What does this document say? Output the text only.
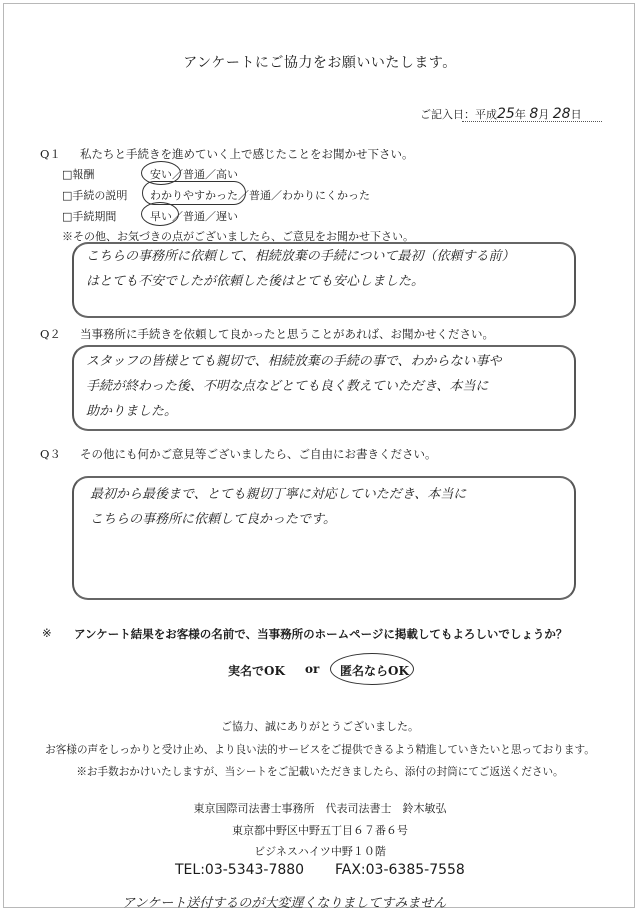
アンケートにご協力をお願いいたします。
ご記入日：平成25年 8月 28日
Q１ 私たちと手続きを進めていく上で感じたことをお聞かせ下さい。
□報酬	安い／普通／高い
□手続の説明 わかりやすかった／普通／わかりにくかった
□手続期間	早い／普通／遅い
※その他、お気づきの点がございましたら、ご意見をお聞かせ下さい。
こちらの事務所に依頼して、相続放棄の手続について最初（依頼する前）
はとても不安でしたが依頼した後はとても安心しました。
Q２ 当事務所に手続きを依頼して良かったと思うことがあれば、お聞かせください。
スタッフの皆様とても親切で、相続放棄の手続の事で、わからない事や
手続が終わった後、不明な点などとても良く教えていただき、本当に
助かりました。
Q３ その他にも何かご意見等ございましたら、ご自由にお書きください。
最初から最後まで、とても親切丁寧に対応していただき、本当に
こちらの事務所に依頼して良かったです。
※ アンケート結果をお客様の名前で、当事務所のホームページに掲載してもよろしいでしょうか？
実名でOK or 匿名ならOK
ご協力、誠にありがとうございました。
お客様の声をしっかりと受け止め、より良い法的サービスをご提供できるよう精進していきたいと思っております。
※お手数おかけいたしますが、当シートをご記載いただきましたら、添付の封筒にてご返送ください。
東京国際司法書士事務所　代表司法書士　鈴木敏弘
東京都中野区中野五丁目６７番６号
ビジネスハイツ中野１０階
TEL:03-5343-7880 FAX:03-6385-7558
アンケート送付するのが大変遅くなりましてすみません
